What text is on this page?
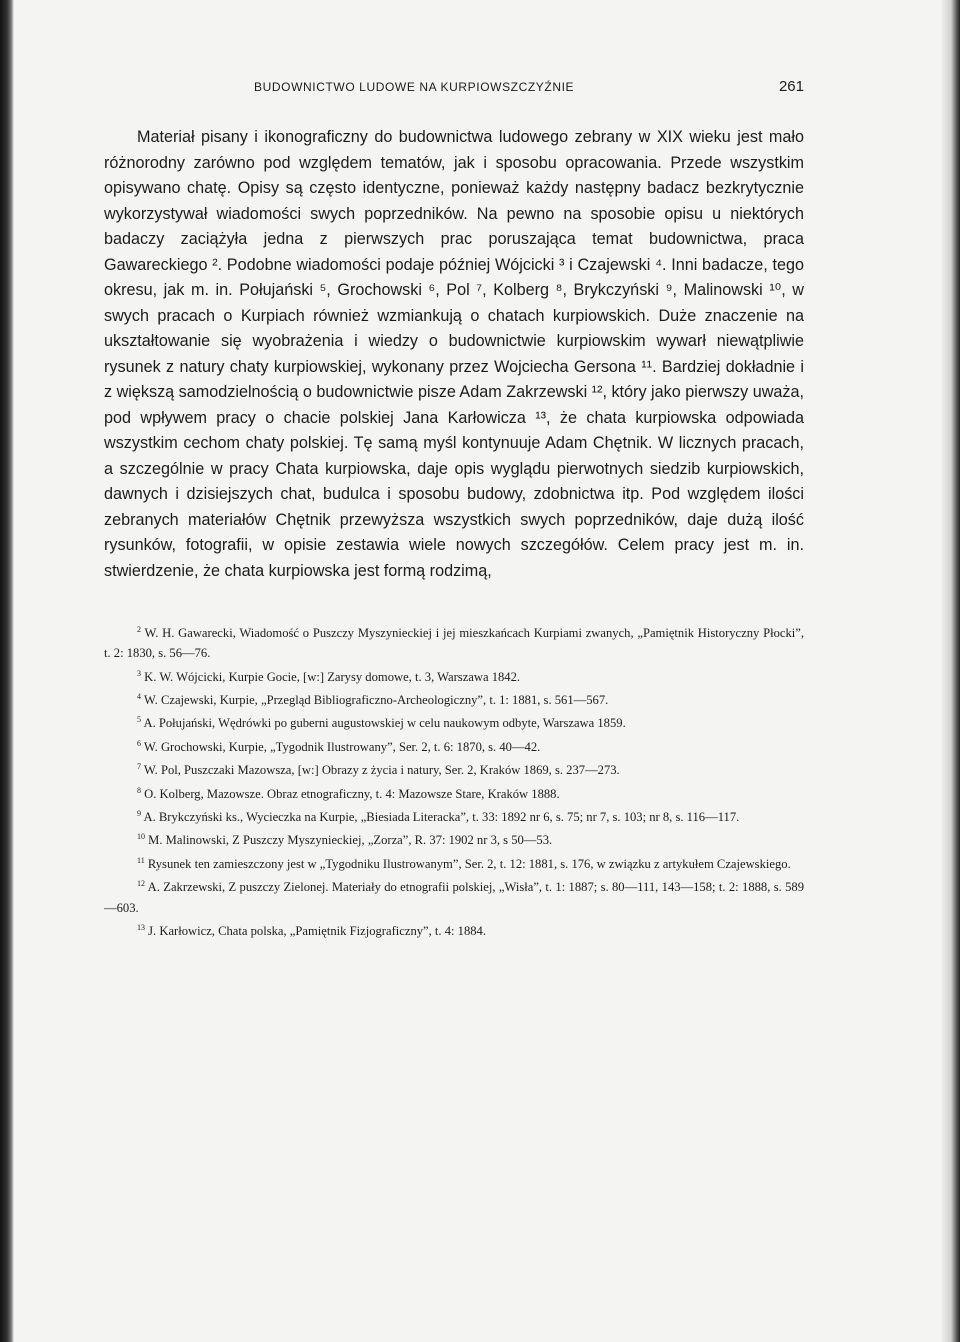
BUDOWNICTWO LUDOWE NA KURPIOWSZCZYŹNIE	261

Materiał pisany i ikonograficzny do budownictwa ludowego zebrany w XIX wieku jest mało różnorodny zarówno pod względem tematów, jak i sposobu opracowania. Przede wszystkim opisywano chatę. Opisy są często identyczne, ponieważ każdy następny badacz bezkrytycznie wykorzystywał wiadomości swych poprzedników. Na pewno na sposobie opisu u niektórych badaczy zaciążyła jedna z pierwszych prac poruszająca temat budownictwa, praca Gawareckiego ². Podobne wiadomości podaje później Wójcicki ³ i Czajewski ⁴. Inni badacze, tego okresu, jak m. in. Połujański ⁵, Grochowski ⁶, Pol ⁷, Kolberg ⁸, Brykczyński ⁹, Malinowski ¹⁰, w swych pracach o Kurpiach również wzmiankują o chatach kurpiowskich. Duże znaczenie na ukształtowanie się wyobrażenia i wiedzy o budownictwie kurpiowskim wywarł niewątpliwie rysunek z natury chaty kurpiowskiej, wykonany przez Wojciecha Gersona ¹¹. Bardziej dokładnie i z większą samodzielnością o budownictwie pisze Adam Zakrzewski ¹², który jako pierwszy uważa, pod wpływem pracy o chacie polskiej Jana Karłowicza ¹³, że chata kurpiowska odpowiada wszystkim cechom chaty polskiej. Tę samą myśl kontynuuje Adam Chętnik. W licznych pracach, a szczególnie w pracy Chata kurpiowska, daje opis wyglądu pierwotnych siedzib kurpiowskich, dawnych i dzisiejszych chat, budulca i sposobu budowy, zdobnictwa itp. Pod względem ilości zebranych materiałów Chętnik przewyższa wszystkich swych poprzedników, daje dużą ilość rysunków, fotografii, w opisie zestawia wiele nowych szczegółów. Celem pracy jest m. in. stwierdzenie, że chata kurpiowska jest formą rodzimą,

$^2$ W. H. Gawarecki, Wiadomość o Puszczy Myszynieckiej i jej mieszkańcach Kurpiami zwanych, „Pamiętnik Historyczny Płocki”, t. 2: 1830, s. 56—76.

$^3$ K. W. Wójcicki, Kurpie Gocie, [w:] Zarysy domowe, t. 3, Warszawa 1842.

$^4$ W. Czajewski, Kurpie, „Przegląd Bibliograficzno-Archeologiczny”, t. 1: 1881, s. 561—567.

$^5$ A. Połujański, Wędrówki po guberni augustowskiej w celu naukowym odbyte, Warszawa 1859.

$^6$ W. Grochowski, Kurpie, „Tygodnik Ilustrowany”, Ser. 2, t. 6: 1870, s. 40—42.

$^7$ W. Pol, Puszczaki Mazowsza, [w:] Obrazy z życia i natury, Ser. 2, Kraków 1869, s. 237—273.

$^8$ O. Kolberg, Mazowsze. Obraz etnograficzny, t. 4: Mazowsze Stare, Kraków 1888.

$^9$ A. Brykczyński ks., Wycieczka na Kurpie, „Biesiada Literacka”, t. 33: 1892 nr 6, s. 75; nr 7, s. 103; nr 8, s. 116—117.

$^{10}$ M. Malinowski, Z Puszczy Myszynieckiej, „Zorza”, R. 37: 1902 nr 3, s 50—53.

$^{11}$ Rysunek ten zamieszczony jest w „Tygodniku Ilustrowanym”, Ser. 2, t. 12: 1881, s. 176, w związku z artykułem Czajewskiego.

$^{12}$ A. Zakrzewski, Z puszczy Zielonej. Materiały do etnografii polskiej, „Wisła”, t. 1: 1887; s. 80—111, 143—158; t. 2: 1888, s. 589—603.

$^{13}$ J. Karłowicz, Chata polska, „Pamiętnik Fizjograficzny”, t. 4: 1884.
